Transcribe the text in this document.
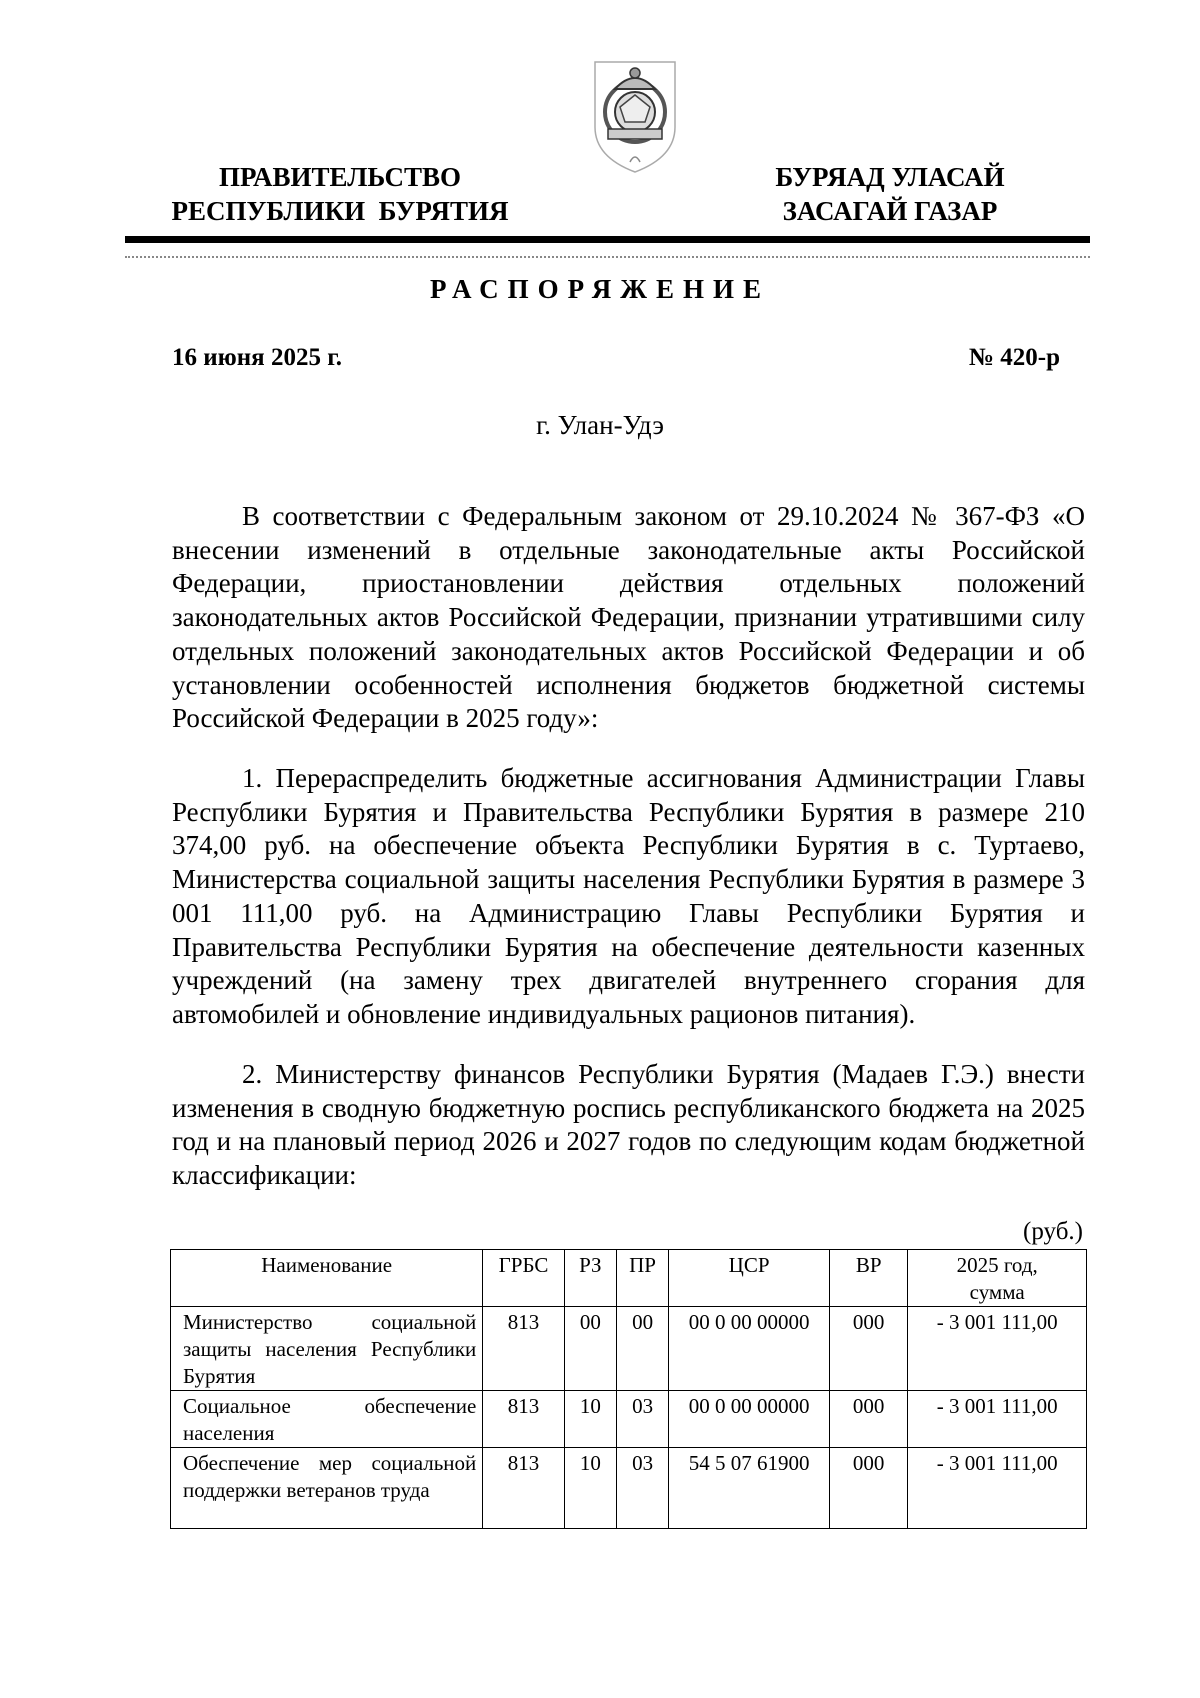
ПРАВИТЕЛЬСТВО
РЕСПУБЛИКИ  БУРЯТИЯ
БУРЯАД УЛАСАЙ
ЗАСАГАЙ ГАЗАР
РАСПОРЯЖЕНИЕ
16 июня 2025 г.	№ 420-р
г. Улан-Удэ

В соответствии с Федеральным законом от 29.10.2024 № 367-ФЗ «О внесении изменений в отдельные законодательные акты Российской Федерации, приостановлении действия отдельных положений законодательных актов Российской Федерации, признании утратившими силу отдельных положений законодательных актов Российской Федерации и об установлении особенностей исполнения бюджетов бюджетной системы Российской Федерации в 2025 году»:

1. Перераспределить бюджетные ассигнования Администрации Главы Республики Бурятия и Правительства Республики Бурятия в размере 210 374,00 руб. на обеспечение объекта Республики Бурятия в с. Туртаево, Министерства социальной защиты населения Республики Бурятия в размере 3 001 111,00 руб. на Администрацию Главы Республики Бурятия и Правительства Республики Бурятия на обеспечение деятельности казенных учреждений (на замену трех двигателей внутреннего сгорания для автомобилей и обновление индивидуальных рационов питания).

2. Министерству финансов Республики Бурятия (Мадаев Г.Э.) внести изменения в сводную бюджетную роспись республиканского бюджета на 2025 год и на плановый период 2026 и 2027 годов по следующим кодам бюджетной классификации:

(руб.)
Наименование	ГРБС	РЗ	ПР	ЦСР	ВР	2025 год, сумма
Министерство социальной защиты населения Республики Бурятия	813	00	00	00 0 00 00000	000	- 3 001 111,00
Социальное обеспечение населения	813	10	03	00 0 00 00000	000	- 3 001 111,00
Обеспечение мер социальной поддержки ветеранов труда	813	10	03	54 5 07 61900	000	- 3 001 111,00
